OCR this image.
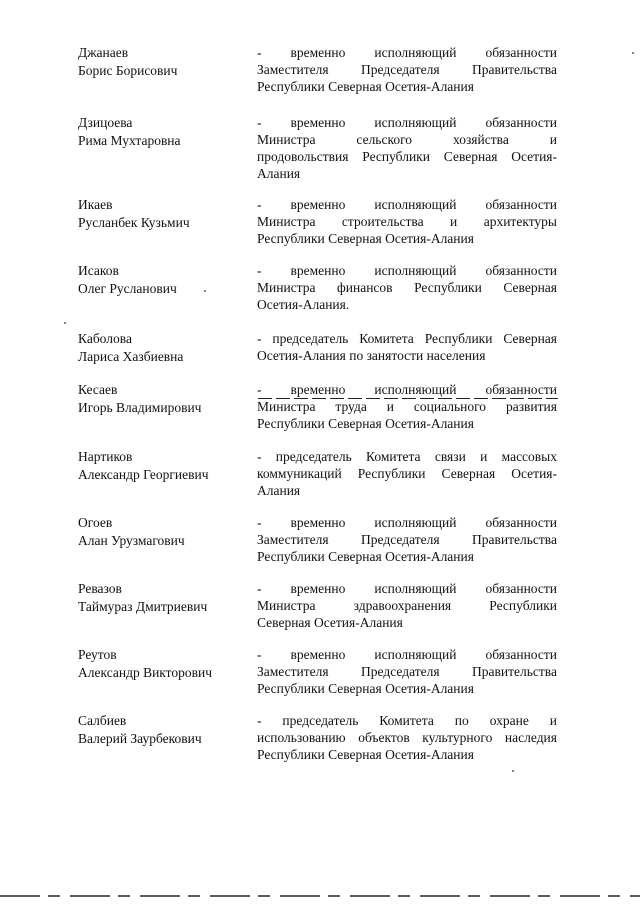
Джанаев
Борис Борисович
- временно исполняющий обязанности
Заместителя Председателя Правительства
Республики Северная Осетия-Алания
Дзицоева
Рима Мухтаровна
- временно исполняющий обязанности
Министра сельского хозяйства и
продовольствия Республики Северная Осетия-
Алания
Икаев
Русланбек Кузьмич
- временно исполняющий обязанности
Министра строительства и архитектуры
Республики Северная Осетия-Алания
Исаков
Олег Русланович
- временно исполняющий обязанности
Министра финансов Республики Северная
Осетия-Алания.
Каболова
Лариса Хазбиевна
- председатель Комитета Республики Северная
Осетия-Алания по занятости населения
Кесаев
Игорь Владимирович
- временно исполняющий обязанности
Министра труда и социального развития
Республики Северная Осетия-Алания
Нартиков
Александр Георгиевич
- председатель Комитета связи и массовых
коммуникаций Республики Северная Осетия-
Алания
Огоев
Алан Урузмагович
- временно исполняющий обязанности
Заместителя Председателя Правительства
Республики Северная Осетия-Алания
Ревазов
Таймураз Дмитриевич
- временно исполняющий обязанности
Министра здравоохранения Республики
Северная Осетия-Алания
Реутов
Александр Викторович
- временно исполняющий обязанности
Заместителя Председателя Правительства
Республики Северная Осетия-Алания
Салбиев
Валерий Заурбекович
- председатель Комитета по охране и
использованию объектов культурного наследия
Республики Северная Осетия-Алания
